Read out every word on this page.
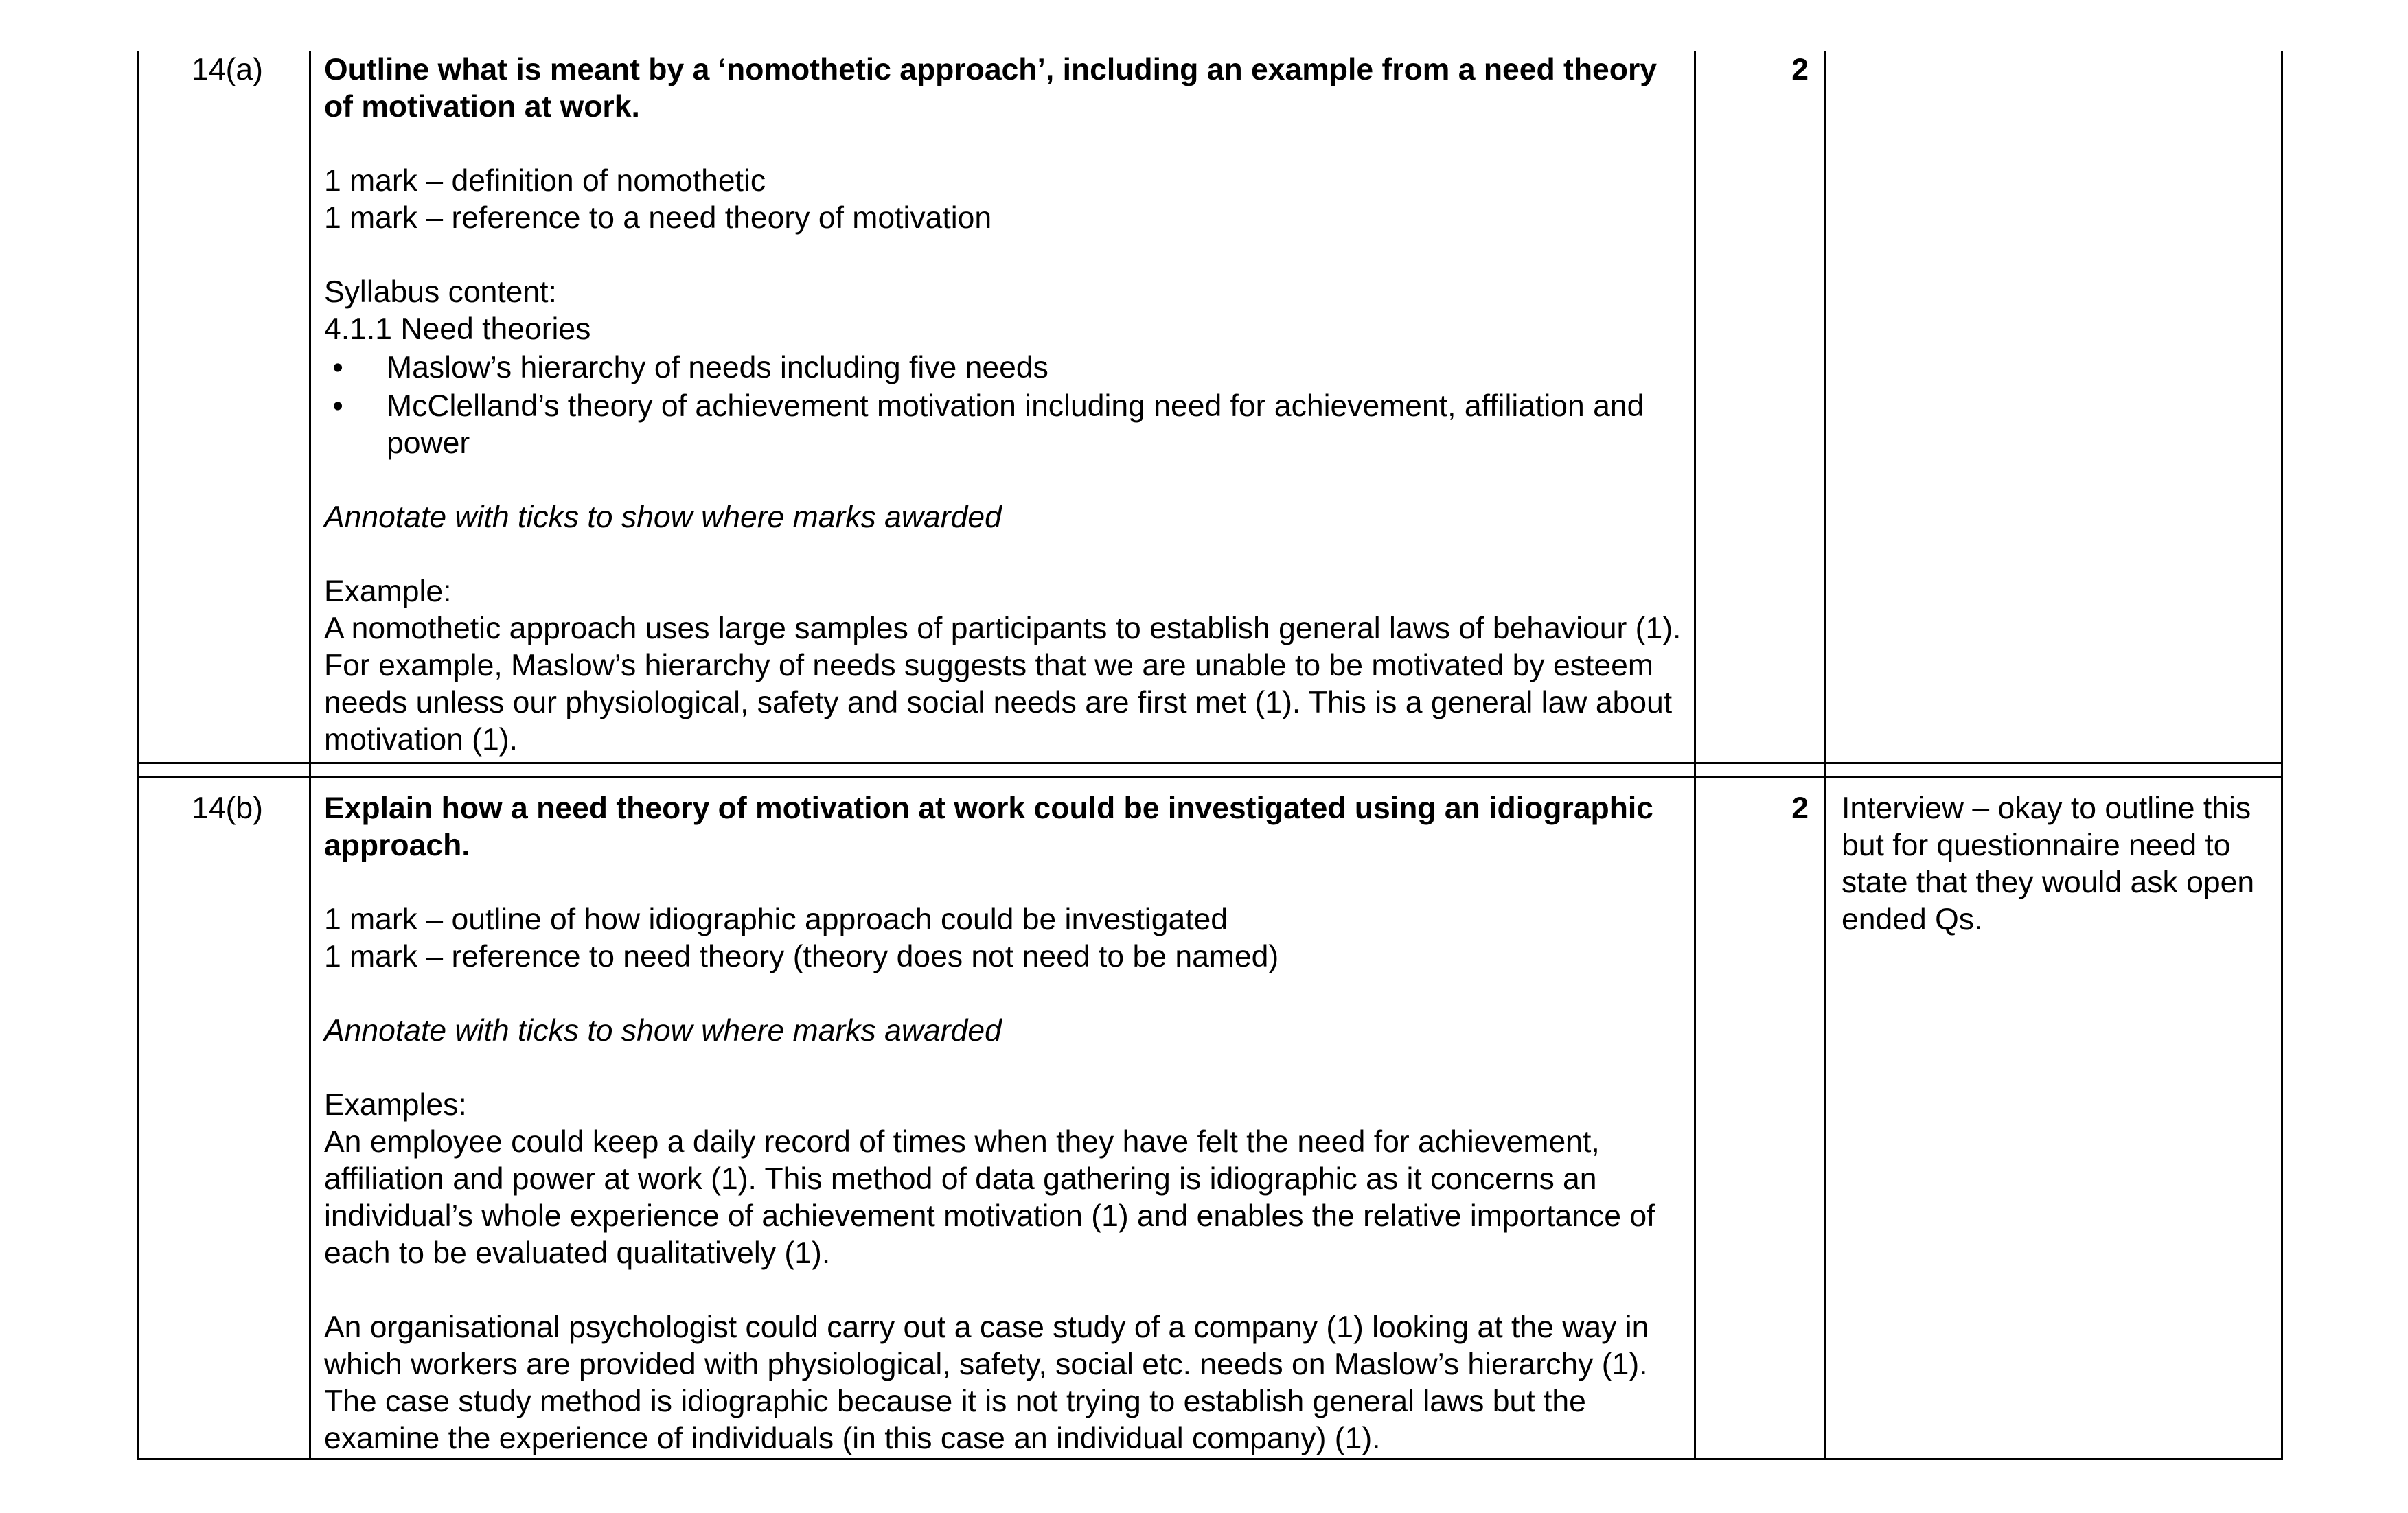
14(a) Outline what is meant by a ‘nomothetic approach’, including an example from a need theory of motivation at work.

1 mark – definition of nomothetic

1 mark – reference to a need theory of motivation

Syllabus content:

4.1.1 Need theories

• Maslow’s hierarchy of needs including five needs
• McClelland’s theory of achievement motivation including need for achievement, affiliation and power

Annotate with ticks to show where marks awarded

Example:

A nomothetic approach uses large samples of participants to establish general laws of behaviour (1). For example, Maslow’s hierarchy of needs suggests that we are unable to be motivated by esteem needs unless our physiological, safety and social needs are first met (1). This is a general law about motivation (1).

2
14(b) Explain how a need theory of motivation at work could be investigated using an idiographic approach.

1 mark – outline of how idiographic approach could be investigated

1 mark – reference to need theory (theory does not need to be named)

Annotate with ticks to show where marks awarded

Examples:

An employee could keep a daily record of times when they have felt the need for achievement, affiliation and power at work (1). This method of data gathering is idiographic as it concerns an individual’s whole experience of achievement motivation (1) and enables the relative importance of each to be evaluated qualitatively (1).

An organisational psychologist could carry out a case study of a company (1) looking at the way in which workers are provided with physiological, safety, social etc. needs on Maslow’s hierarchy (1). The case study method is idiographic because it is not trying to establish general laws but the examine the experience of individuals (in this case an individual company) (1).

2 Interview – okay to outline this but for questionnaire need to state that they would ask open ended Qs.
